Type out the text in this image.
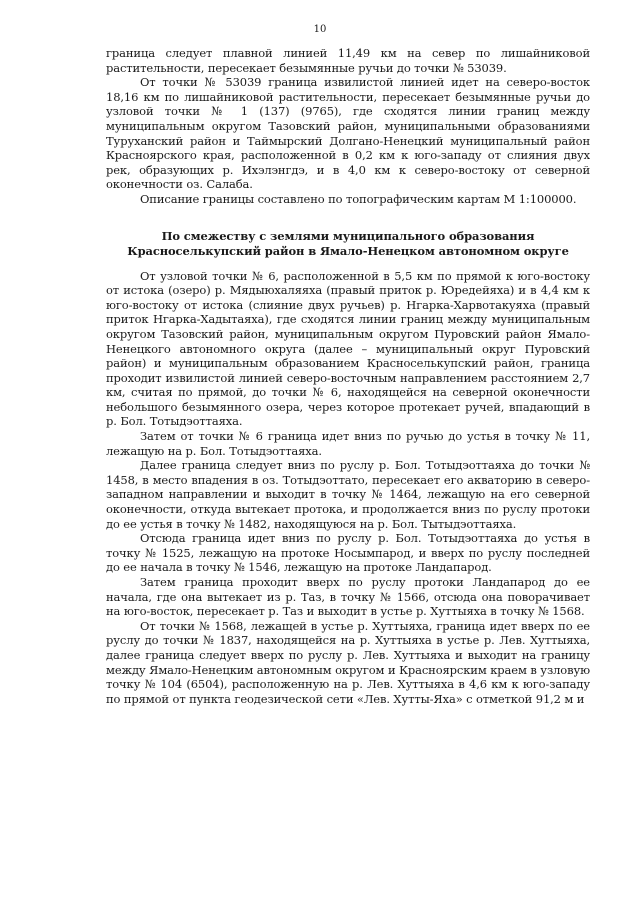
10

граница следует плавной линией 11,49 км на север по лишайниковой растительности, пересекает безымянные ручьи до точки № 53039.

От точки № 53039 граница извилистой линией идет на северо-восток 18,16 км по лишайниковой растительности, пересекает безымянные ручьи до узловой точки № 1 (137) (9765), где сходятся линии границ между муниципальным округом Тазовский район, муниципальными образованиями Туруханский район и Таймырский Долгано-Ненецкий муниципальный район Красноярского края, расположенной в 0,2 км к юго-западу от слияния двух рек, образующих р. Ихэлэнгдэ, и в 4,0 км к северо-востоку от северной оконечности оз. Салаба.

Описание границы составлено по топографическим картам М 1:100000.

По смежеству с землями муниципального образования
Красноселькупский район в Ямало-Ненецком автономном округе

От узловой точки № 6, расположенной в 5,5 км по прямой к юго-востоку от истока (озеро) р. Мядыюхаляяха (правый приток р. Юредейяха) и в 4,4 км к юго-востоку от истока (слияние двух ручьев) р. Нгарка-Харвотакуяха (правый приток Нгарка-Хадытаяха), где сходятся линии границ между муниципальным округом Тазовский район, муниципальным округом Пуровский район Ямало-Ненецкого автономного округа (далее – муниципальный округ Пуровский район) и муниципальным образованием Красноселькупский район, граница проходит извилистой линией северо-восточным направлением расстоянием 2,7 км, считая по прямой, до точки № 6, находящейся на северной оконечности небольшого безымянного озера, через которое протекает ручей, впадающий в р. Бол. Тотыдэоттаяха.

Затем от точки № 6 граница идет вниз по ручью до устья в точку № 11, лежащую на р. Бол. Тотыдэоттаяха.

Далее граница следует вниз по руслу р. Бол. Тотыдэоттаяха до точки № 1458, в место впадения в оз. Тотыдэоттато, пересекает его акваторию в северо-западном направлении и выходит в точку № 1464, лежащую на его северной оконечности, откуда вытекает протока, и продолжается вниз по руслу протоки до ее устья в точку № 1482, находящуюся на р. Бол. Тытыдэоттаяха.

Отсюда граница идет вниз по руслу р. Бол. Тотыдэоттаяха до устья в точку № 1525, лежащую на протоке Носымпарод, и вверх по руслу последней до ее начала в точку № 1546, лежащую на протоке Ландапарод.

Затем граница проходит вверх по руслу протоки Ландапарод до ее начала, где она вытекает из р. Таз, в точку № 1566, отсюда она поворачивает на юго-восток, пересекает р. Таз и выходит в устье р. Хуттыяха в точку № 1568.

От точки № 1568, лежащей в устье р. Хуттыяха, граница идет вверх по ее руслу до точки № 1837, находящейся на р. Хуттыяха в устье р. Лев. Хуттыяха, далее граница следует вверх по руслу р. Лев. Хуттыяха и выходит на границу между Ямало-Ненецким автономным округом и Красноярским краем в узловую точку № 104 (6504), расположенную на р. Лев. Хуттыяха в 4,6 км к юго-западу по прямой от пункта геодезической сети «Лев. Хутты-Яха» с отметкой 91,2 м и
